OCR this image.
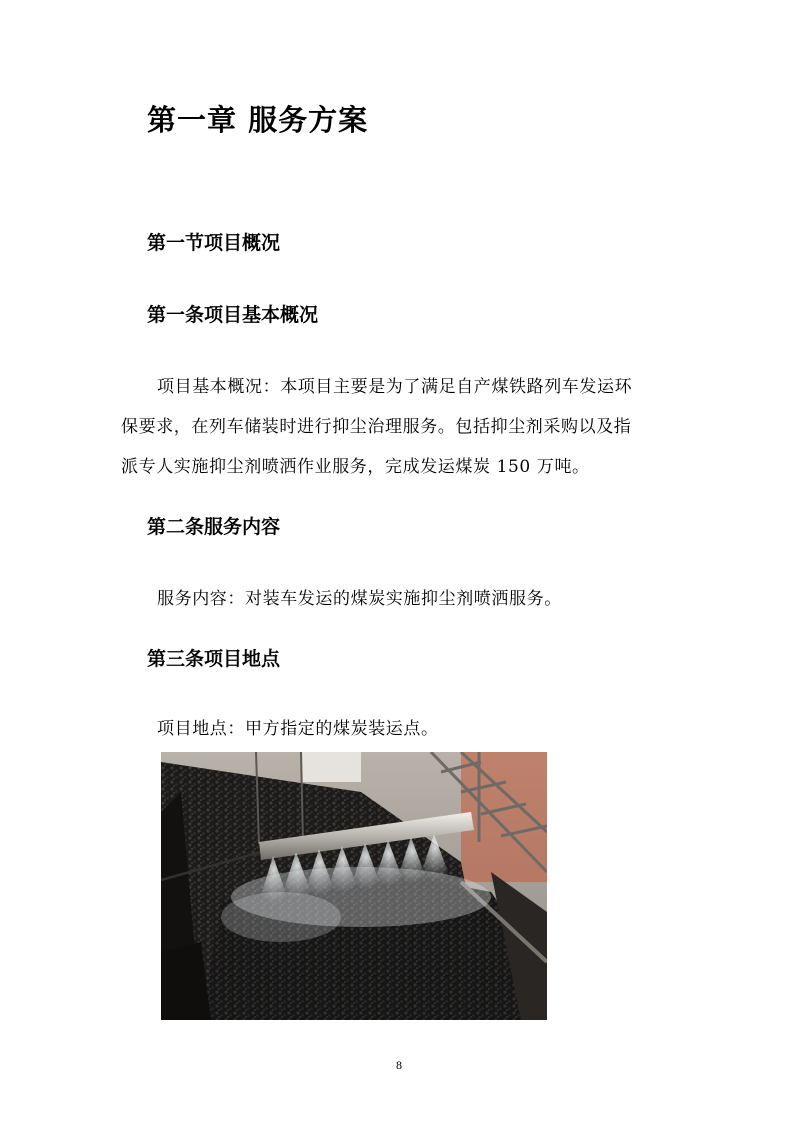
第一章 服务方案
第一节项目概况
第一条项目基本概况

项目基本概况：本项目主要是为了满足自产煤铁路列车发运环

保要求，在列车储装时进行抑尘治理服务。包括抑尘剂采购以及指

派专人实施抑尘剂喷洒作业服务，完成发运煤炭 150 万吨。

第二条服务内容

服务内容：对装车发运的煤炭实施抑尘剂喷洒服务。

第三条项目地点

项目地点：甲方指定的煤炭装运点。

8
